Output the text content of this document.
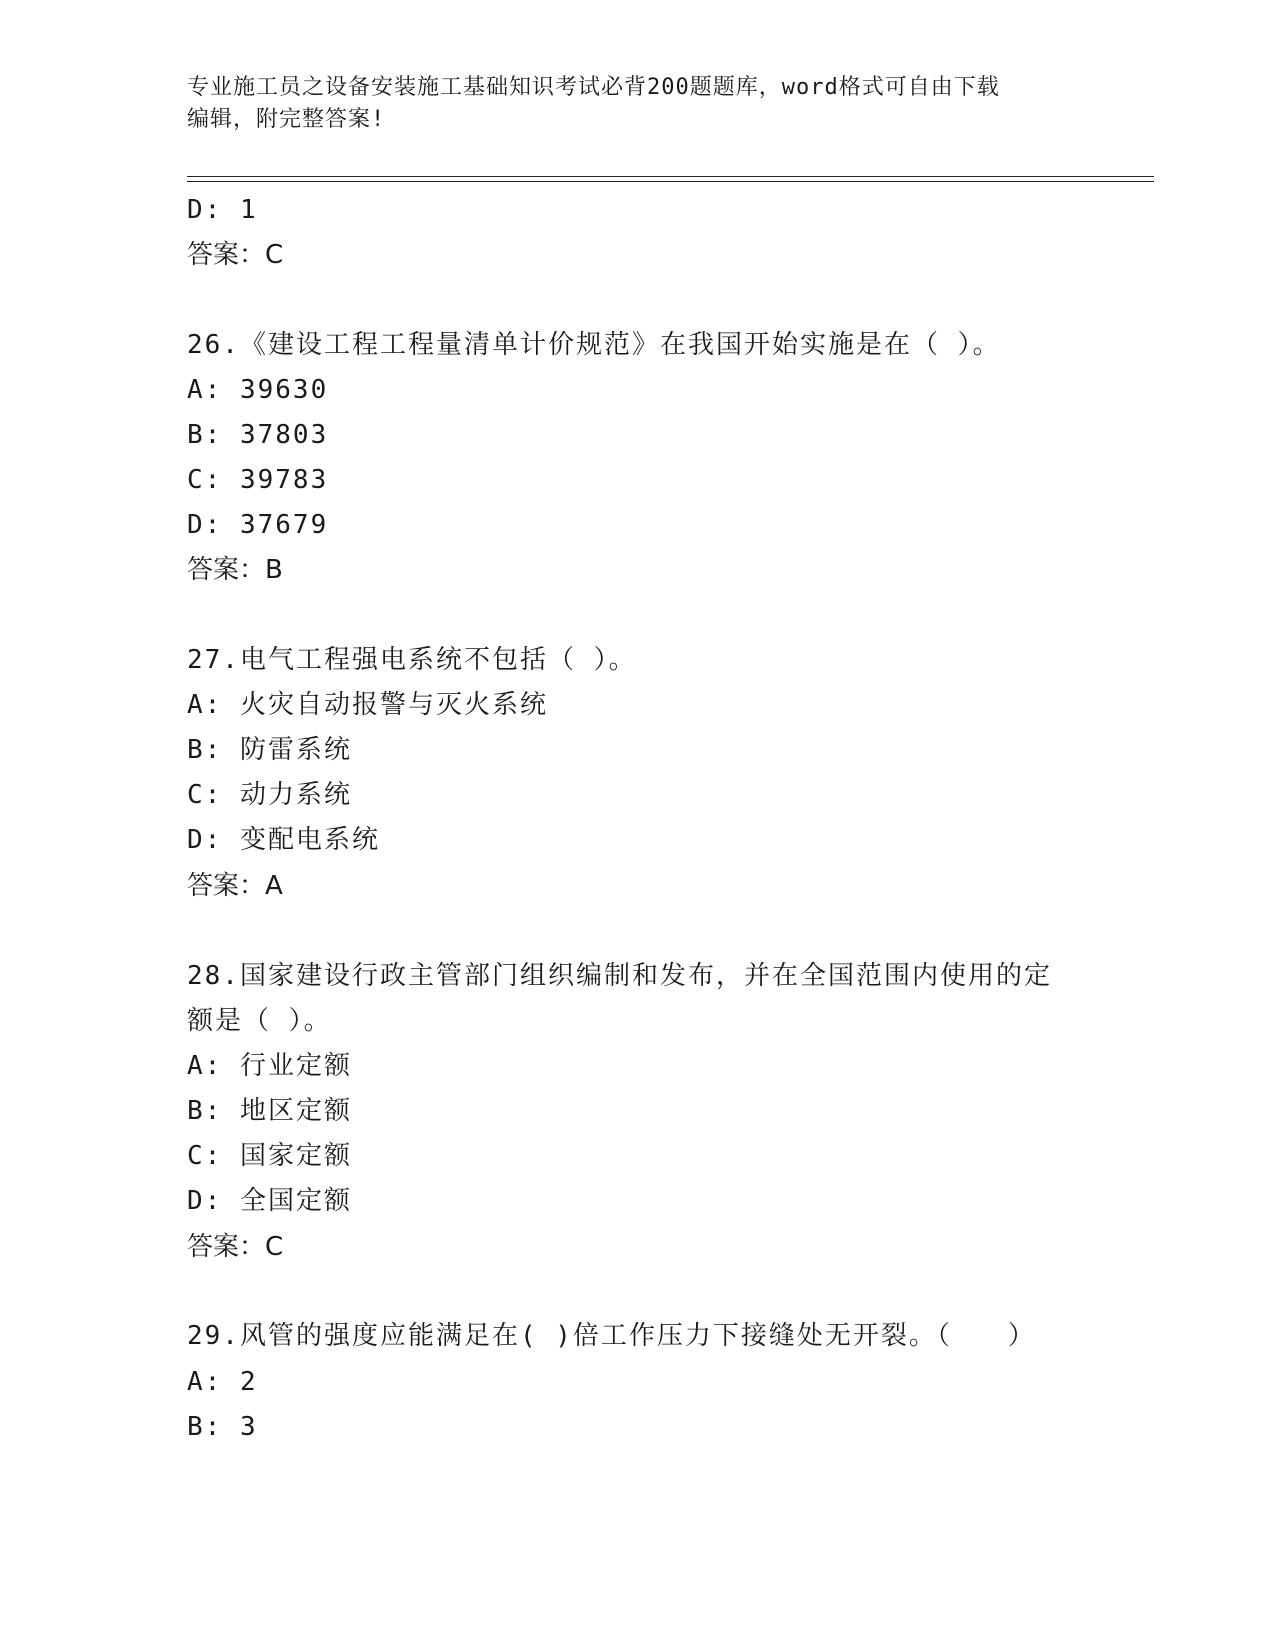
专业施工员之设备安装施工基础知识考试必背200题题库，word格式可自由下载
编辑，附完整答案!
D: 1
答案：C
26.《建设工程工程量清单计价规范》在我国开始实施是在（ ）。
A: 39630
B: 37803
C: 39783
D: 37679
答案：B
27.电气工程强电系统不包括（ ）。
A: 火灾自动报警与灭火系统
B: 防雷系统
C: 动力系统
D: 变配电系统
答案：A
28.国家建设行政主管部门组织编制和发布，并在全国范围内使用的定
额是（ ）。
A: 行业定额
B: 地区定额
C: 国家定额
D: 全国定额
答案：C
29.风管的强度应能满足在( )倍工作压力下接缝处无开裂。（　　）
A: 2
B: 3
